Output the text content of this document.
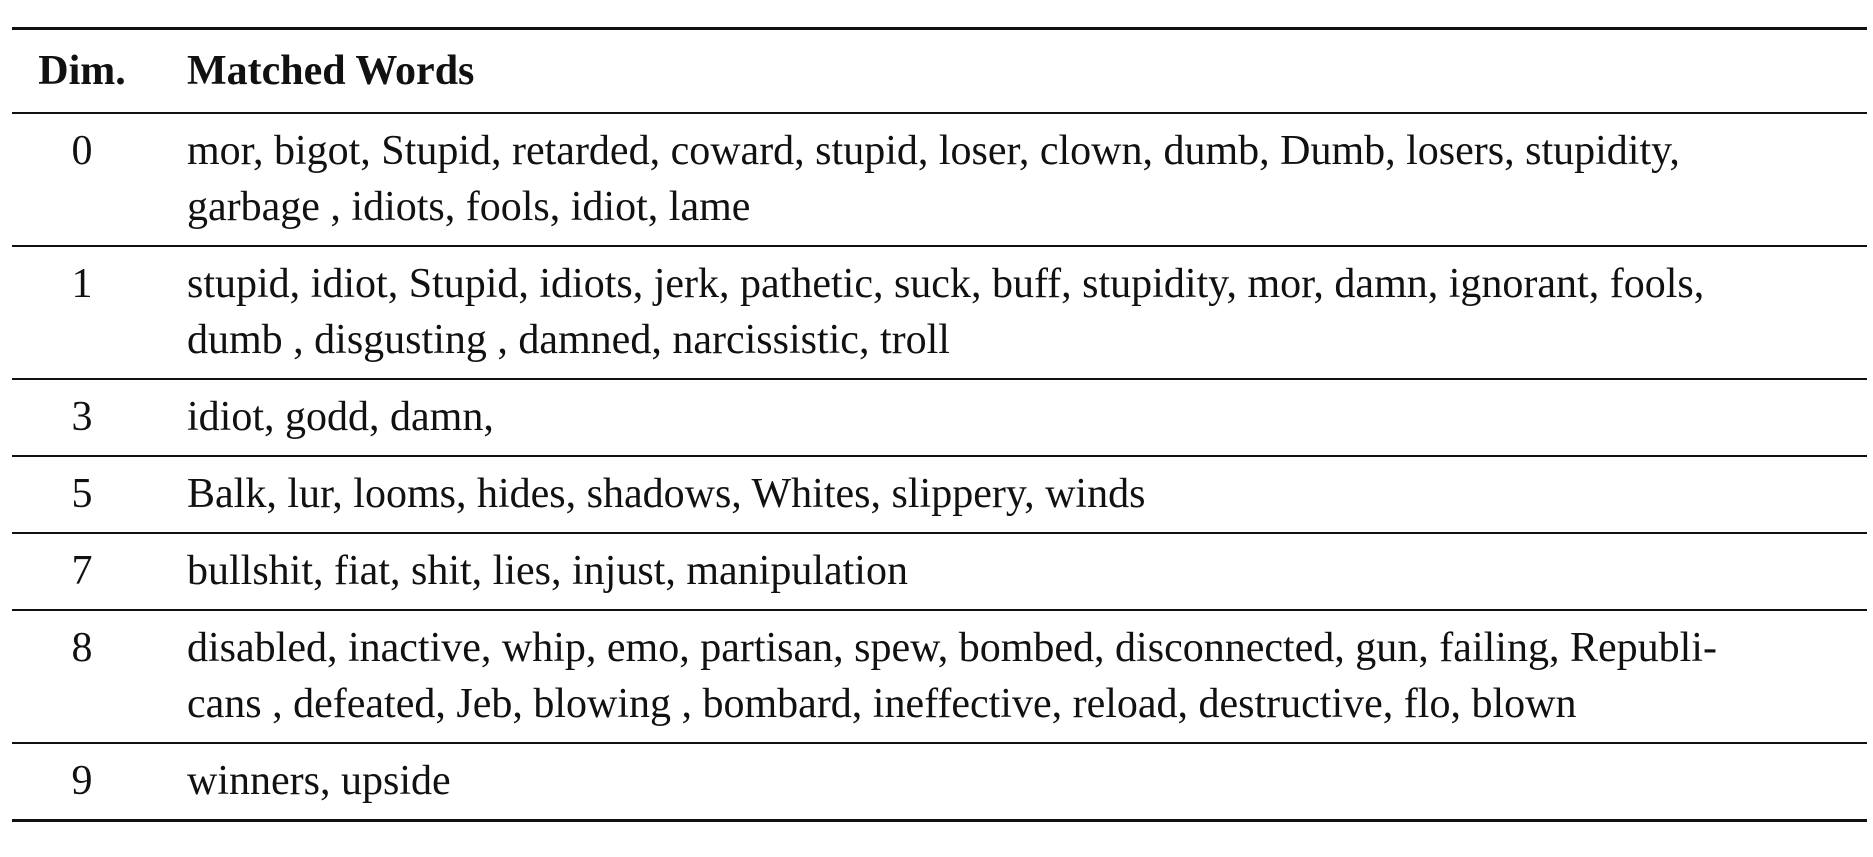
Dim.	Matched Words
0	mor, bigot, Stupid, retarded, coward, stupid, loser, clown, dumb, Dumb, losers, stupidity,
garbage , idiots, fools, idiot, lame
1	stupid, idiot, Stupid, idiots, jerk, pathetic, suck, buff, stupidity, mor, damn, ignorant, fools,
dumb , disgusting , damned, narcissistic, troll
3	idiot, godd, damn,
5	Balk, lur, looms, hides, shadows, Whites, slippery, winds
7	bullshit, fiat, shit, lies, injust, manipulation
8	disabled, inactive, whip, emo, partisan, spew, bombed, disconnected, gun, failing, Republi-
cans , defeated, Jeb, blowing , bombard, ineffective, reload, destructive, flo, blown
9	winners, upside
